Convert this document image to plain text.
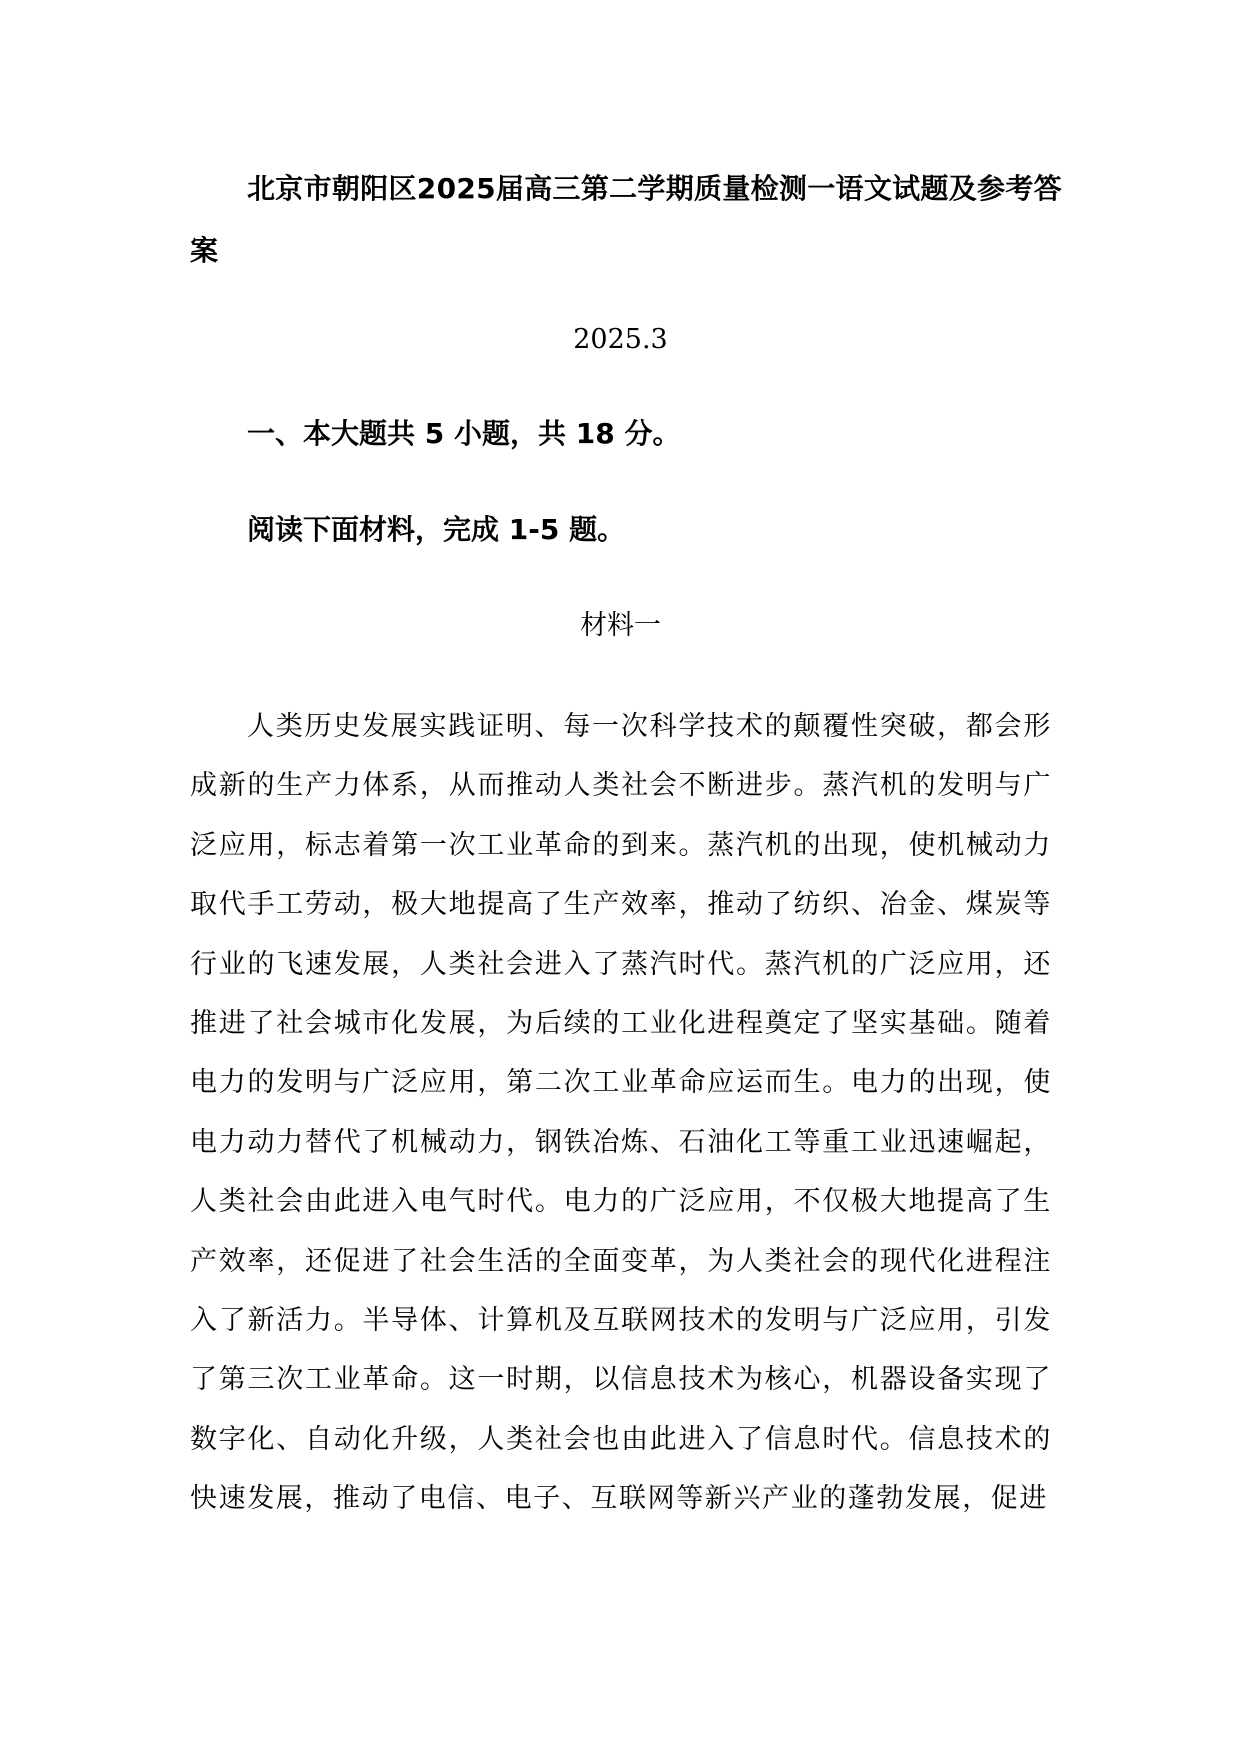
北京市朝阳区2025届高三第二学期质量检测一语文试题及参考答案
2025.3
一、本大题共 5 小题，共 18 分。
阅读下面材料，完成 1-5 题。
材料一

人类历史发展实践证明、每一次科学技术的颠覆性突破，都会形成新的生产力体系，从而推动人类社会不断进步。蒸汽机的发明与广泛应用，标志着第一次工业革命的到来。蒸汽机的出现，使机械动力取代手工劳动，极大地提高了生产效率，推动了纺织、冶金、煤炭等行业的飞速发展，人类社会进入了蒸汽时代。蒸汽机的广泛应用，还推进了社会城市化发展，为后续的工业化进程奠定了坚实基础。随着电力的发明与广泛应用，第二次工业革命应运而生。电力的出现，使电力动力替代了机械动力，钢铁冶炼、石油化工等重工业迅速崛起，人类社会由此进入电气时代。电力的广泛应用，不仅极大地提高了生产效率，还促进了社会生活的全面变革，为人类社会的现代化进程注入了新活力。半导体、计算机及互联网技术的发明与广泛应用，引发了第三次工业革命。这一时期，以信息技术为核心，机器设备实现了数字化、自动化升级，人类社会也由此进入了信息时代。信息技术的快速发展，推动了电信、电子、互联网等新兴产业的蓬勃发展，促进
